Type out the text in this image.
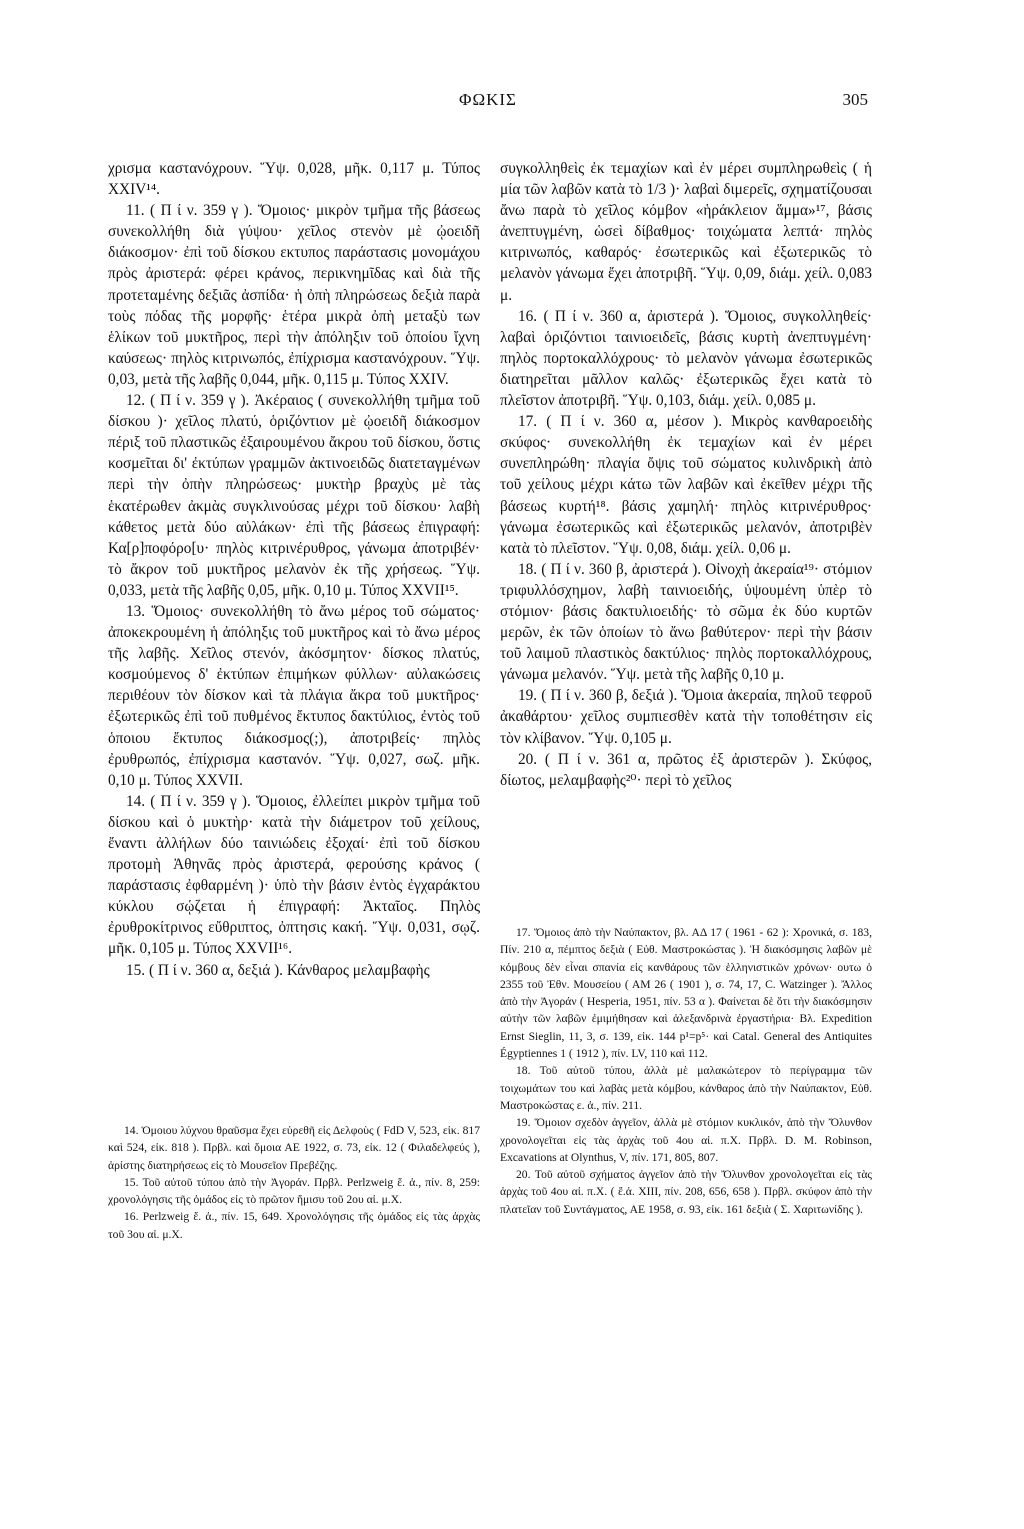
ΦΩΚΙΣ	305

χρισμα καστανόχρουν. Ὕψ. 0,028, μῆκ. 0,117 μ. Τύπος XXIV¹⁴.

11. ( Π ί ν. 359 γ ). Ὅμοιος· μικρὸν τμῆμα τῆς βάσεως συνεκολλήθη διὰ γύψου· χεῖλος στενὸν μὲ ᾠοειδῆ διάκοσμον· ἐπὶ τοῦ δίσκου εκτυπος παράστασις μονομάχου πρὸς ἀριστερά: φέρει κράνος, περικνημῖδας καὶ διὰ τῆς προτεταμένης δεξιᾶς ἀσπίδα· ἡ ὀπὴ πληρώσεως δεξιὰ παρὰ τοὺς πόδας τῆς μορφῆς· ἑτέρα μικρὰ ὀπὴ μεταξὺ των ἑλίκων τοῦ μυκτῆρος, περὶ τὴν ἀπόληξιν τοῦ ὁποίου ἴχνη καύσεως· πηλὸς κιτρινωπός, ἐπίχρισμα καστανόχρουν. Ὕψ. 0,03, μετὰ τῆς λαβῆς 0,044, μῆκ. 0,115 μ. Τύπος XXIV.

12. ( Π ί ν. 359 γ ). Ἀκέραιος ( συνεκολλήθη τμῆμα τοῦ δίσκου )· χεῖλος πλατύ, ὁριζόντιον μὲ ᾠοειδῆ διάκοσμον πέριξ τοῦ πλαστικῶς ἐξαιρουμένου ἄκρου τοῦ δίσκου, ὅστις κοσμεῖται δι' ἐκτύπων γραμμῶν ἀκτινοειδῶς διατεταγμένων περὶ τὴν ὀπὴν πληρώσεως· μυκτὴρ βραχὺς μὲ τὰς ἑκατέρωθεν ἀκμὰς συγκλινούσας μέχρι τοῦ δίσκου· λαβὴ κάθετος μετὰ δύο αὐλάκων· ἐπὶ τῆς βάσεως ἐπιγραφή: Κα[ρ]ποφόρο[υ· πηλὸς κιτρινέρυθρος, γάνωμα ἀποτριβέν· τὸ ἄκρον τοῦ μυκτῆρος μελανὸν ἐκ τῆς χρήσεως. Ὕψ. 0,033, μετὰ τῆς λαβῆς 0,05, μῆκ. 0,10 μ. Τύπος XXVII¹⁵.

13. Ὅμοιος· συνεκολλήθη τὸ ἄνω μέρος τοῦ σώματος· ἀποκεκρουμένη ἡ ἀπόληξις τοῦ μυκτῆρος καὶ τὸ ἄνω μέρος τῆς λαβῆς. Χεῖλος στενόν, ἀκόσμητον· δίσκος πλατύς, κοσμούμενος δ' ἐκτύπων ἐπιμήκων φύλλων· αὐλακώσεις περιθέουν τὸν δίσκον καὶ τὰ πλάγια ἄκρα τοῦ μυκτῆρος· ἐξωτερικῶς ἐπὶ τοῦ πυθμένος ἔκτυπος δακτύλιος, ἐντὸς τοῦ ὁποιου ἔκτυπος διάκοσμος(;), ἀποτριβείς· πηλὸς ἐρυθρωπός, ἐπίχρισμα καστανόν. Ὕψ. 0,027, σωζ. μῆκ. 0,10 μ. Τύπος XXVII.

14. ( Π ί ν. 359 γ ). Ὅμοιος, ἐλλείπει μικρὸν τμῆμα τοῦ δίσκου καὶ ὁ μυκτὴρ· κατὰ τὴν διάμετρον τοῦ χείλους, ἔναντι ἀλλήλων δύο ταινιώδεις ἐξοχαί· ἐπὶ τοῦ δίσκου προτομὴ Ἀθηνᾶς πρὸς ἀριστερά, φερούσης κράνος ( παράστασις ἐφθαρμένη )· ὑπὸ τὴν βάσιν ἐντὸς ἐγχαράκτου κύκλου σῴζεται ἡ ἐπιγραφή: Ἀκταῖος. Πηλὸς ἐρυθροκίτρινος εὔθριπτος, ὀπτησις κακή. Ὕψ. 0,031, σῳζ. μῆκ. 0,105 μ. Τύπος XXVII¹⁶.

15. ( Π ί ν. 360 α, δεξιά ). Κάνθαρος μελαμβαφὴς

14. Ὁμοιου λύχνου θραῦσμα ἔχει εὑρεθῆ εἰς Δελφοὺς ( FdD V, 523, εἰκ. 817 καὶ 524, εἰκ. 818 ). Πρβλ. καὶ ὅμοια ΑΕ 1922, σ. 73, εἰκ. 12 ( Φιλαδελφεύς ), ἀρίστης διατηρήσεως εἰς τὸ Μουσεῖον Πρεβέζης.

15. Τοῦ αὐτοῦ τύπου ἀπὸ τὴν Ἀγοράν. Πρβλ. Perlzweig ἔ. ἀ., πίν. 8, 259: χρονολόγησις τῆς ὁμάδος εἰς τὸ πρῶτον ἥμισυ τοῦ 2ου αἰ. μ.Χ.

16. Perlzweig ἔ. ἀ., πίν. 15, 649. Χρονολόγησις τῆς ὁμάδος εἰς τὰς ἀρχὰς τοῦ 3ου αἰ. μ.Χ.

συγκολληθεὶς ἐκ τεμαχίων καὶ ἐν μέρει συμπληρωθεὶς ( ἡ μία τῶν λαβῶν κατὰ τὸ 1/3 )· λαβαὶ διμερεῖς, σχηματίζουσαι ἄνω παρὰ τὸ χεῖλος κόμβον «ἡράκλειον ἅμμα»¹⁷, βάσις ἀνεπτυγμένη, ὡσεὶ δίβαθμος· τοιχώματα λεπτά· πηλὸς κιτρινωπός, καθαρός· ἐσωτερικῶς καὶ ἐξωτερικῶς τὸ μελανὸν γάνωμα ἔχει ἀποτριβῆ. Ὕψ. 0,09, διάμ. χείλ. 0,083 μ.

16. ( Π ί ν. 360 α, ἀριστερά ). Ὅμοιος, συγκολληθείς· λαβαὶ ὁριζόντιοι ταινιοειδεῖς, βάσις κυρτὴ ἀνεπτυγμένη· πηλὸς πορτοκαλλόχρους· τὸ μελανὸν γάνωμα ἐσωτερικῶς διατηρεῖται μᾶλλον καλῶς· ἐξωτερικῶς ἔχει κατὰ τὸ πλεῖστον ἀποτριβῆ. Ὕψ. 0,103, διάμ. χείλ. 0,085 μ.

17. ( Π ί ν. 360 α, μέσον ). Μικρὸς κανθαροειδὴς σκύφος· συνεκολλήθη ἐκ τεμαχίων καὶ ἐν μέρει συνεπληρώθη· πλαγία ὄψις τοῦ σώματος κυλινδρικὴ ἀπὸ τοῦ χείλους μέχρι κάτω τῶν λαβῶν καὶ ἐκεῖθεν μέχρι τῆς βάσεως κυρτή¹⁸. βάσις χαμηλή· πηλὸς κιτρινέρυθρος· γάνωμα ἐσωτερικῶς καὶ ἐξωτερικῶς μελανόν, ἀποτριβὲν κατὰ τὸ πλεῖστον. Ὕψ. 0,08, διάμ. χείλ. 0,06 μ.

18. ( Π ί ν. 360 β, ἀριστερά ). Οἰνοχὴ ἀκεραία¹⁹· στόμιον τριφυλλόσχημον, λαβὴ ταινιοειδής, ὑψουμένη ὑπὲρ τὸ στόμιον· βάσις δακτυλιοειδής· τὸ σῶμα ἐκ δύο κυρτῶν μερῶν, ἐκ τῶν ὁποίων τὸ ἄνω βαθύτερον· περὶ τὴν βάσιν τοῦ λαιμοῦ πλαστικὸς δακτύλιος· πηλὸς πορτοκαλλόχρους, γάνωμα μελανόν. Ὕψ. μετὰ τῆς λαβῆς 0,10 μ.

19. ( Π ί ν. 360 β, δεξιά ). Ὅμοια ἀκεραία, πηλοῦ τεφροῦ ἀκαθάρτου· χεῖλος συμπιεσθὲν κατὰ τὴν τοποθέτησιν εἰς τὸν κλίβανον. Ὕψ. 0,105 μ.

20. ( Π ί ν. 361 α, πρῶτος ἐξ ἀριστερῶν ). Σκύφος, δίωτος, μελαμβαφὴς²⁰· περὶ τὸ χεῖλος

17. Ὅμοιος ἀπὸ τὴν Ναύπακτον, βλ. ΑΔ 17 ( 1961 - 62 ): Χρονικά, σ. 183, Πίν. 210 α, πέμπτος δεξιὰ ( Εὐθ. Μαστροκώστας ). Ἡ διακόσμησις λαβῶν μὲ κόμβους δὲν εἶναι σπανία εἰς κανθάρους τῶν ἑλληνιστικῶν χρόνων· ουτω ὁ 2355 τοῦ Ἐθν. Μουσείου ( ΑΜ 26 ( 1901 ), σ. 74, 17, C. Watzinger ). Ἄλλος ἀπὸ τὴν Ἀγοράν ( Hesperia, 1951, πίν. 53 α ). Φαίνεται δὲ ὅτι τὴν διακόσμησιν αὐτὴν τῶν λαβῶν ἐμιμήθησαν καὶ ἀλεξανδρινὰ ἐργαστήρια· Βλ. Expedition Ernst Sieglin, 11, 3, σ. 139, εἰκ. 144 p¹=p⁵· καὶ Catal. General des Antiquites Égyptiennes 1 ( 1912 ), πίν. LV, 110 καὶ 112.

18. Τοῦ αὐτοῦ τύπου, ἀλλὰ μὲ μαλακώτερον τὸ περίγραμμα τῶν τοιχωμάτων του καὶ λαβὰς μετὰ κόμβου, κάνθαρος ἀπὸ τὴν Ναύπακτον, Εὐθ. Μαστροκώστας ε. ἀ., πίν. 211.

19. Ὅμοιον σχεδὸν ἀγγεῖον, ἀλλὰ μὲ στόμιον κυκλικόν, ἀπὸ τὴν Ὄλυνθον χρονολογεῖται εἰς τὰς ἀρχὰς τοῦ 4ου αἰ. π.Χ. Πρβλ. D. M. Robinson, Excavations at Olynthus, V, πίν. 171, 805, 807.

20. Τοῦ αὐτοῦ σχήματος ἀγγεῖον ἀπὸ τὴν Ὄλυνθον χρονολογεῖται εἰς τὰς ἀρχὰς τοῦ 4ου αἰ. π.Χ. ( ἔ.ἀ. XIII, πίν. 208, 656, 658 ). Πρβλ. σκύφον ἀπὸ τὴν πλατεῖαν τοῦ Συντάγματος, ΑΕ 1958, σ. 93, εἰκ. 161 δεξιὰ ( Σ. Χαριτωνίδης ).
